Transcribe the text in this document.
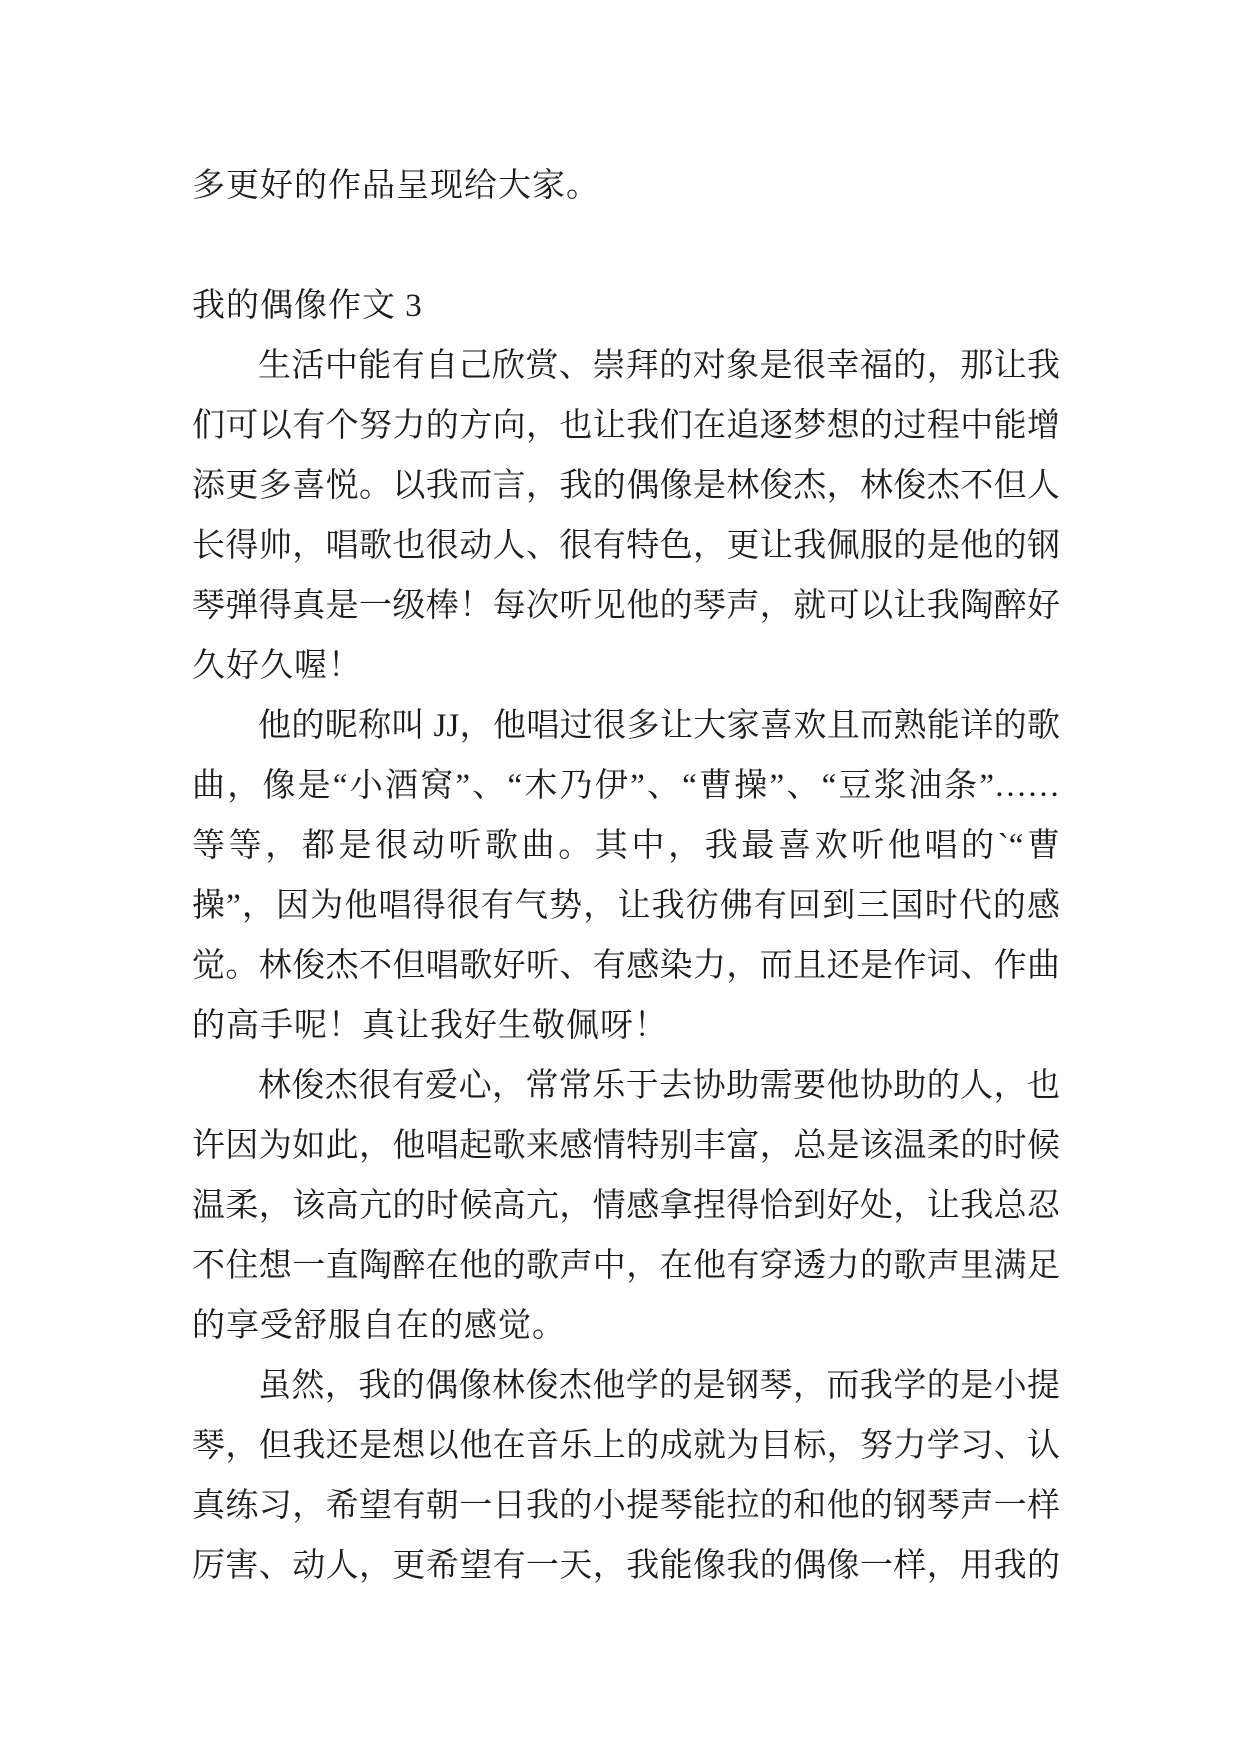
多更好的作品呈现给大家。
我的偶像作文 3
生活中能有自己欣赏、崇拜的对象是很幸福的，那让我
们可以有个努力的方向，也让我们在追逐梦想的过程中能增
添更多喜悦。以我而言，我的偶像是林俊杰，林俊杰不但人
长得帅，唱歌也很动人、很有特色，更让我佩服的是他的钢
琴弹得真是一级棒！每次听见他的琴声，就可以让我陶醉好
久好久喔！
他的昵称叫 JJ，他唱过很多让大家喜欢且而熟能详的歌
曲，像是“小酒窝”、“木乃伊”、“曹操”、“豆浆油条”……
等等，都是很动听歌曲。其中，我最喜欢听他唱的`“曹
操”，因为他唱得很有气势，让我彷佛有回到三国时代的感
觉。林俊杰不但唱歌好听、有感染力，而且还是作词、作曲
的高手呢！真让我好生敬佩呀！
林俊杰很有爱心，常常乐于去协助需要他协助的人，也
许因为如此，他唱起歌来感情特别丰富，总是该温柔的时候
温柔，该高亢的时候高亢，情感拿捏得恰到好处，让我总忍
不住想一直陶醉在他的歌声中，在他有穿透力的歌声里满足
的享受舒服自在的感觉。
虽然，我的偶像林俊杰他学的是钢琴，而我学的是小提
琴，但我还是想以他在音乐上的成就为目标，努力学习、认
真练习，希望有朝一日我的小提琴能拉的和他的钢琴声一样
厉害、动人，更希望有一天，我能像我的偶像一样，用我的
